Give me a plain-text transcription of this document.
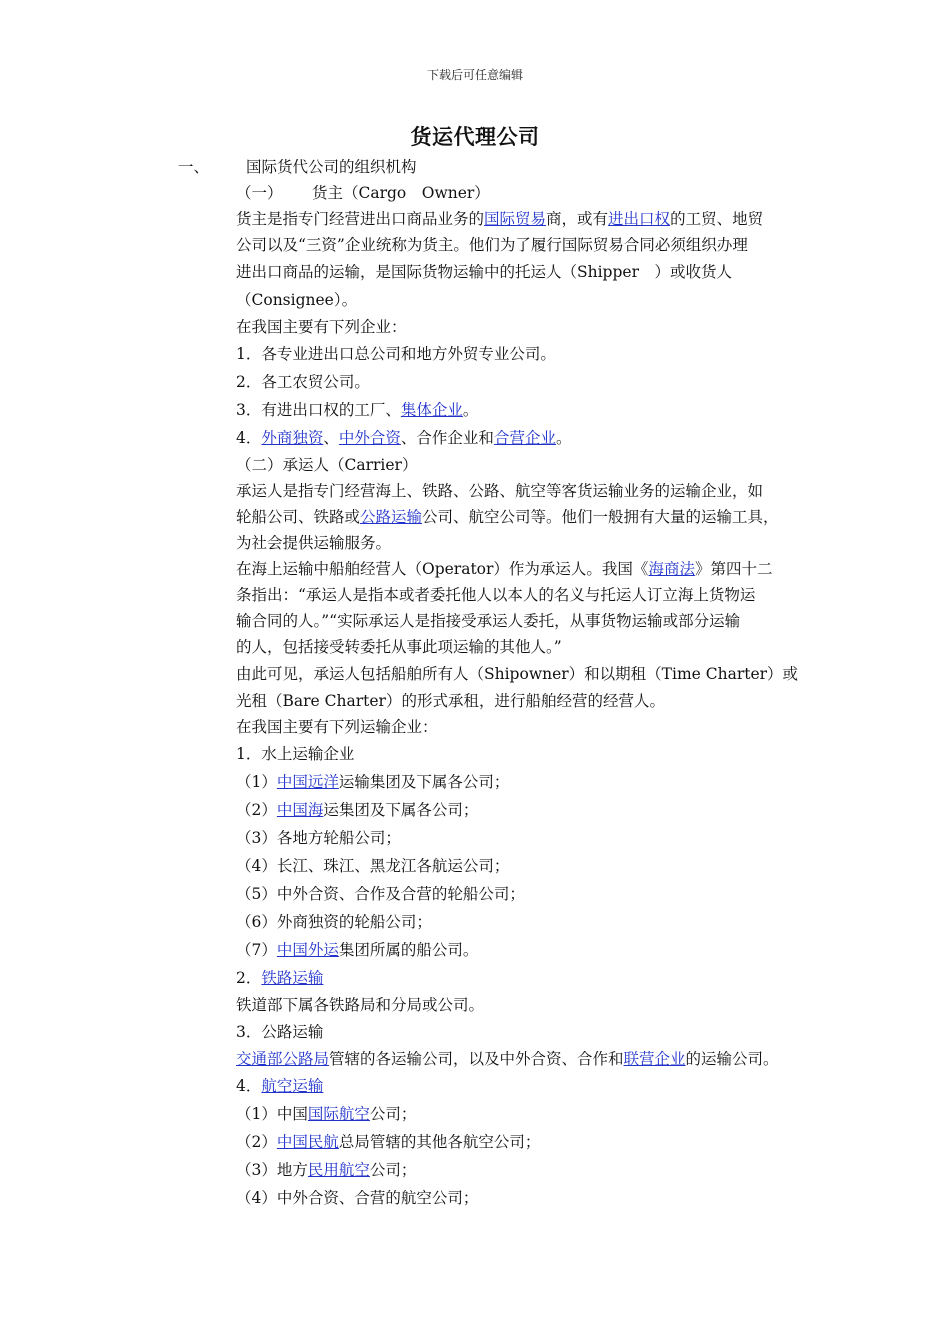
下载后可任意编辑
货运代理公司
一、 国际货代公司的组织机构
（一） 货主（Cargo　Owner）
货主是指专门经营进出口商品业务的国际贸易商，或有进出口权的工贸、地贸
公司以及“三资”企业统称为货主。他们为了履行国际贸易合同必须组织办理
进出口商品的运输，是国际货物运输中的托运人（Shipper　）或收货人
（Consignee）。
在我国主要有下列企业：
1．各专业进出口总公司和地方外贸专业公司。
2．各工农贸公司。
3．有进出口权的工厂、集体企业。
4．外商独资、中外合资、合作企业和合营企业。
（二）承运人（Carrier）
承运人是指专门经营海上、铁路、公路、航空等客货运输业务的运输企业，如
轮船公司、铁路或公路运输公司、航空公司等。他们一般拥有大量的运输工具，
为社会提供运输服务。
在海上运输中船舶经营人（Operator）作为承运人。我国《海商法》第四十二
条指出：“承运人是指本或者委托他人以本人的名义与托运人订立海上货物运
输合同的人。”“实际承运人是指接受承运人委托，从事货物运输或部分运输
的人，包括接受转委托从事此项运输的其他人。”
由此可见，承运人包括船舶所有人（Shipowner）和以期租（Time Charter）或
光租（Bare Charter）的形式承租，进行船舶经营的经营人。
在我国主要有下列运输企业：
1．水上运输企业
（1）中国远洋运输集团及下属各公司；
（2）中国海运集团及下属各公司；
（3）各地方轮船公司；
（4）长江、珠江、黑龙江各航运公司；
（5）中外合资、合作及合营的轮船公司；
（6）外商独资的轮船公司；
（7）中国外运集团所属的船公司。
2．铁路运输
铁道部下属各铁路局和分局或公司。
3．公路运输
交通部公路局管辖的各运输公司，以及中外合资、合作和联营企业的运输公司。
4．航空运输
（1）中国国际航空公司；
（2）中国民航总局管辖的其他各航空公司；
（3）地方民用航空公司；
（4）中外合资、合营的航空公司；
